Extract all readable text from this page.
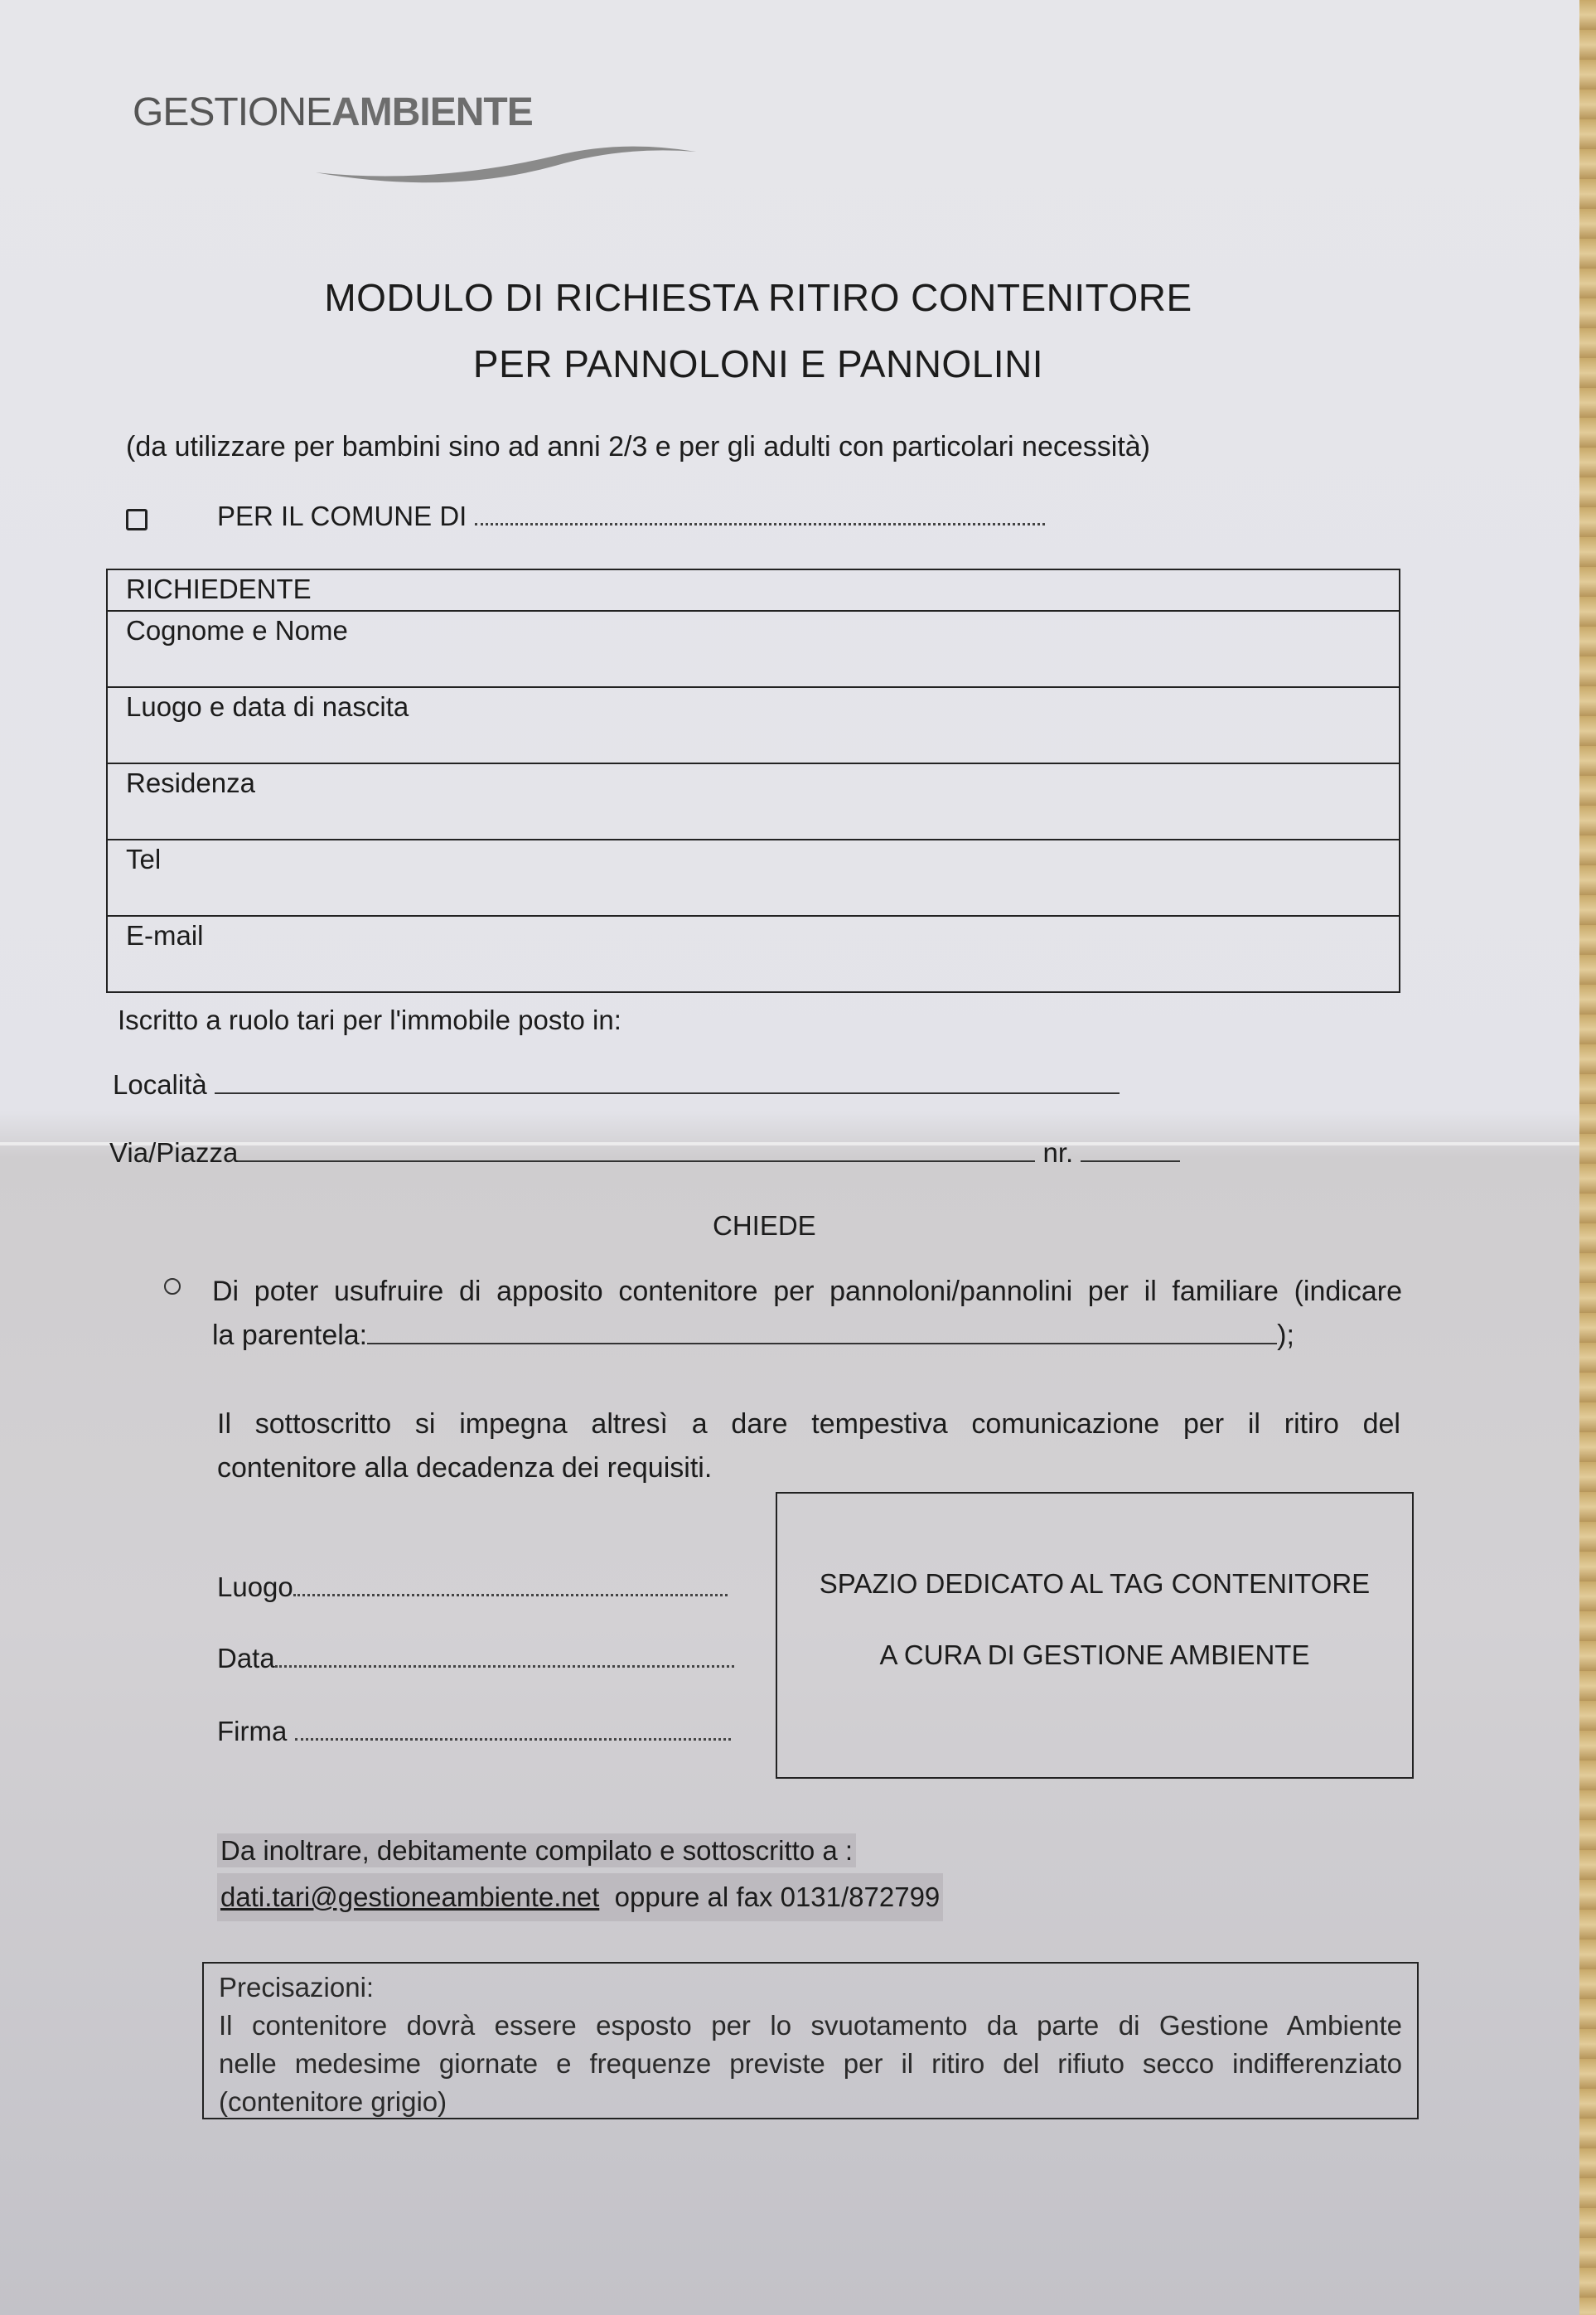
GESTIONEAMBIENTE
MODULO DI RICHIESTA RITIRO CONTENITORE
PER PANNOLONI E PANNOLINI
(da utilizzare per bambini sino ad anni 2/3 e per gli adulti con particolari necessità)
PER IL COMUNE DI
RICHIEDENTE
Cognome e Nome
Luogo e data di nascita
Residenza
Tel
E-mail
Iscritto a ruolo tari per l'immobile posto in:
Località
Via/Piazza	nr.
CHIEDE
Di poter usufruire di apposito contenitore per pannoloni/pannolini per il familiare (indicare
la parentela:	);
Il sottoscritto si impegna altresì a dare tempestiva comunicazione per il ritiro del
contenitore alla decadenza dei requisiti.
Luogo
Data
Firma
SPAZIO DEDICATO AL TAG CONTENITORE
A CURA DI GESTIONE AMBIENTE
Da inoltrare, debitamente compilato e sottoscritto a :
dati.tari@gestioneambiente.net oppure al fax 0131/872799
Precisazioni:
Il contenitore dovrà essere esposto per lo svuotamento da parte di Gestione Ambiente
nelle medesime giornate e frequenze previste per il ritiro del rifiuto secco indifferenziato
(contenitore grigio)
